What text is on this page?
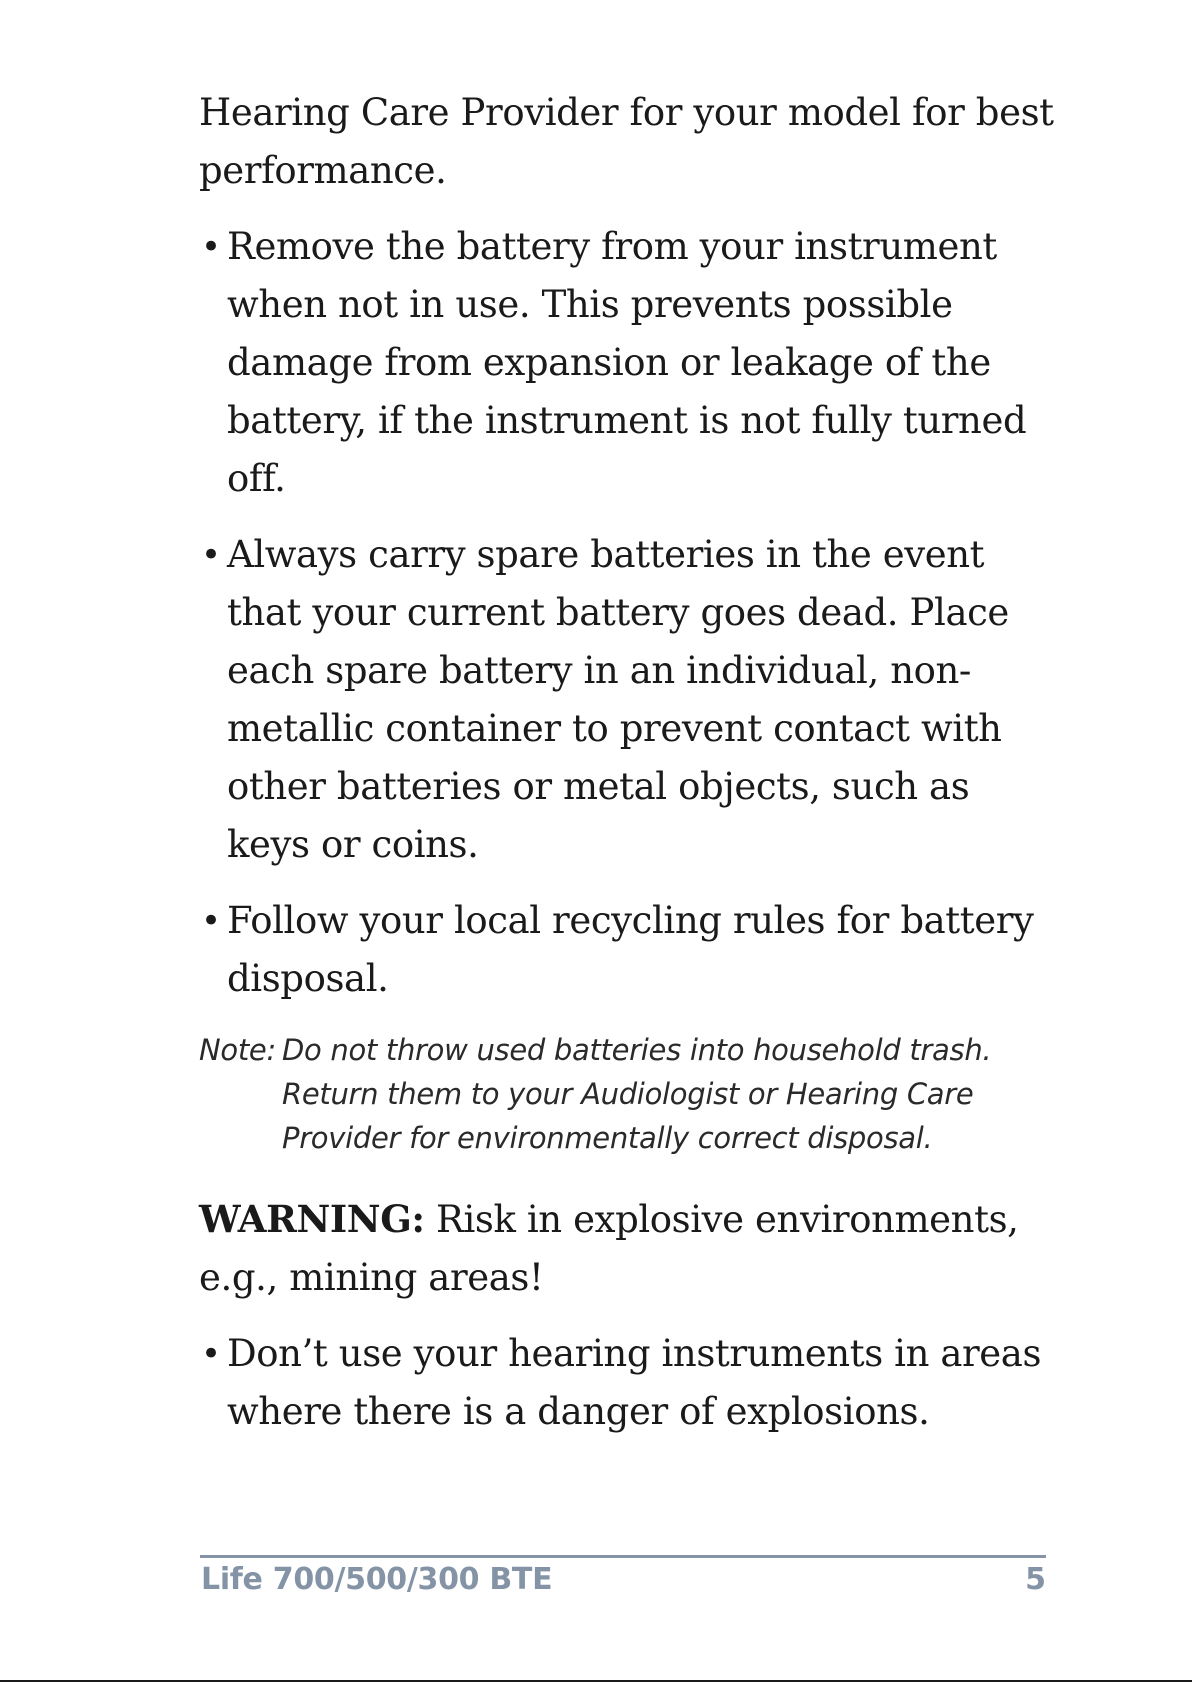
Hearing Care Provider for your model for best performance.

• Remove the battery from your instrument when not in use. This prevents possible damage from expansion or leakage of the battery, if the instrument is not fully turned off.
• Always carry spare batteries in the event that your current battery goes dead. Place each spare battery in an individual, non-metallic container to prevent contact with other batteries or metal objects, such as keys or coins.
• Follow your local recycling rules for battery disposal.
Note: Do not throw used batteries into household trash. Return them to your Audiologist or Hearing Care Provider for environmentally correct disposal.

WARNING: Risk in explosive environments, e.g., mining areas!

• Don’t use your hearing instruments in areas where there is a danger of explosions.
Life 700/500/300 BTE	5
